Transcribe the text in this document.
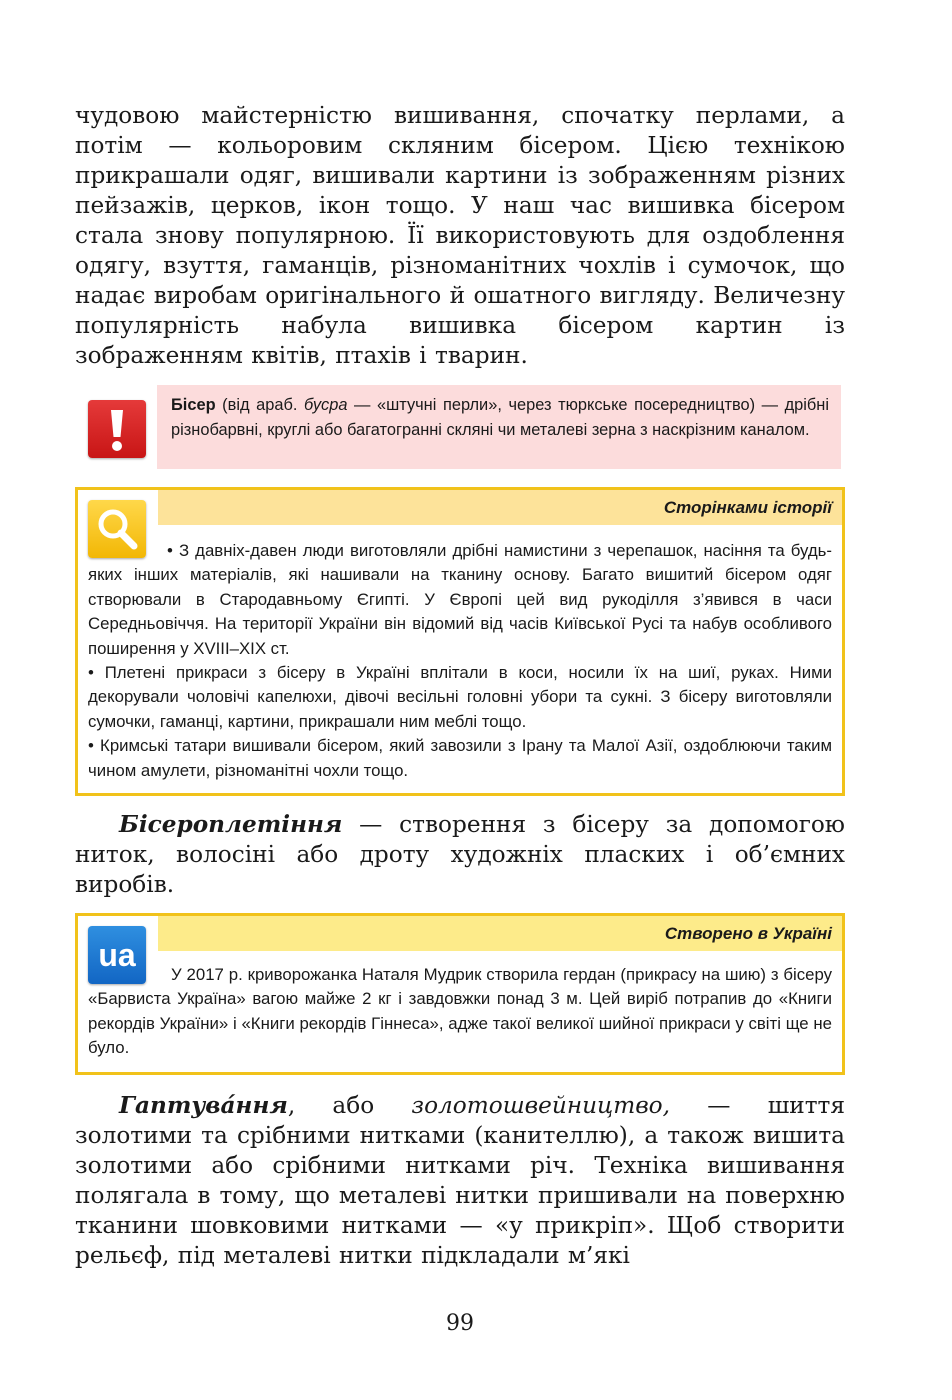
чудовою майстерністю вишивання, спочатку перлами, а потім — кольоровим скляним бісером. Цією технікою прикрашали одяг, вишивали картини із зображенням різних пейзажів, церков, ікон тощо. У наш час вишивка бісером стала знову популярною. Її використовують для оздоблення одягу, взуття, гаманців, різноманітних чохлів і сумочок, що надає виробам оригінального й ошатного вигляду. Величезну популярність набула вишивка бісером картин із зображенням квітів, птахів і тварин.
Бісер (від араб. бусра — «штучні перли», через тюркське посередництво) — дрібні різнобарвні, круглі або багатогранні скляні чи металеві зерна з наскрізним каналом.
Сторінками історії

• З давніх-давен люди виготовляли дрібні намистини з черепашок, насіння та будь-яких інших матеріалів, які нашивали на тканину основу. Багато вишитий бісером одяг створювали в Стародавньому Єгипті. У Європі цей вид рукоділля з’явився в часи Середньовіччя. На території України він відомий від часів Київської Русі та набув особливого поширення у XVIII–XIX ст.

• Плетені прикраси з бісеру в Україні вплітали в коси, носили їх на шиї, руках. Ними декорували чоловічі капелюхи, дівочі весільні головні убори та сукні. З бісеру виготовляли сумочки, гаманці, картини, прикрашали ним меблі тощо.

• Кримські татари вишивали бісером, який завозили з Ірану та Малої Азії, оздоблюючи таким чином амулети, різноманітні чохли тощо.

Бісероплетіння — створення з бісеру за допомогою ниток, волосіні або дроту художніх пласких і об’ємних виробів.
Створено в Україні
ua

У 2017 р. криворожанка Наталя Мудрик створила гердан (прикрасу на шию) з бісеру «Барвиста Україна» вагою майже 2 кг і завдовжки понад 3 м. Цей виріб потрапив до «Книги рекордів України» і «Книги рекордів Гіннеса», адже такої великої шийної прикраси у світі ще не було.

Гаптува́ння, або золотошвейництво, — шиття золотими та срібними нитками (канителлю), а також вишита золотими або срібними нитками річ. Техніка вишивання полягала в тому, що металеві нитки пришивали на поверхню тканини шовковими нитками — «у прикріп». Щоб створити рельєф, під металеві нитки підкладали м’які
99
